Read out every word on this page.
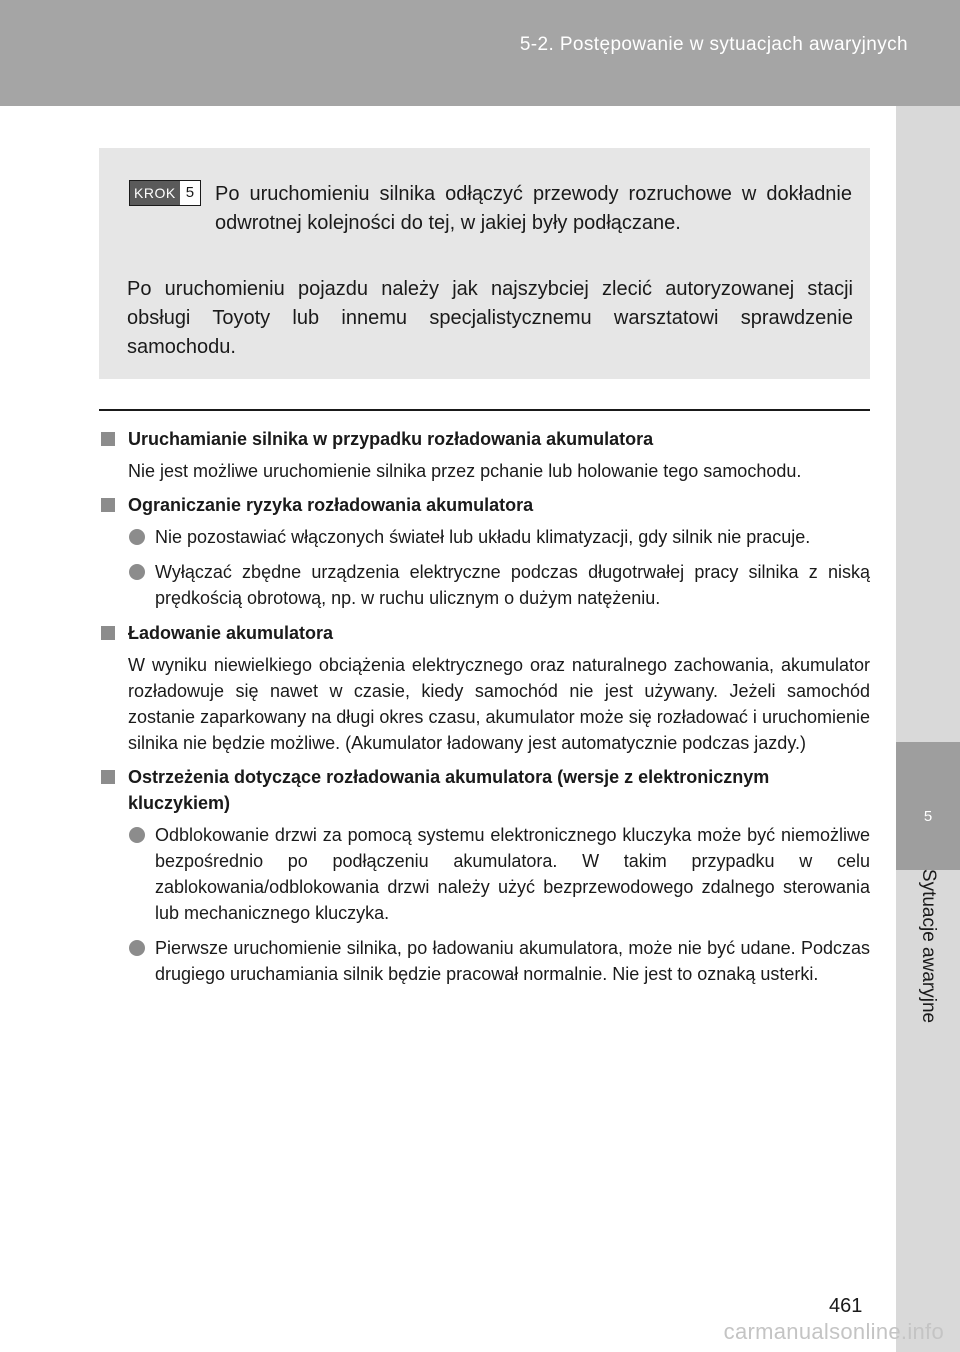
5-2. Postępowanie w sytuacjach awaryjnych
5
Sytuacje awaryjne
KROK 5	Po uruchomieniu silnika odłączyć przewody rozruchowe w dokładnie odwrotnej kolejności do tej, w jakiej były podłączane.
Po uruchomieniu pojazdu należy jak najszybciej zlecić autoryzowanej stacji obsługi Toyoty lub innemu specjalistycznemu warsztatowi sprawdzenie samochodu.
Uruchamianie silnika w przypadku rozładowania akumulatora
Nie jest możliwe uruchomienie silnika przez pchanie lub holowanie tego samochodu.
Ograniczanie ryzyka rozładowania akumulatora
Nie pozostawiać włączonych świateł lub układu klimatyzacji, gdy silnik nie pracuje.
Wyłączać zbędne urządzenia elektryczne podczas długotrwałej pracy silnika z niską prędkością obrotową, np. w ruchu ulicznym o dużym natężeniu.
Ładowanie akumulatora
W wyniku niewielkiego obciążenia elektrycznego oraz naturalnego zachowania, akumulator rozładowuje się nawet w czasie, kiedy samochód nie jest używany. Jeżeli samochód zostanie zaparkowany na długi okres czasu, akumulator może się rozładować i uruchomienie silnika nie będzie możliwe. (Akumulator ładowany jest automatycznie podczas jazdy.)
Ostrzeżenia dotyczące rozładowania akumulatora (wersje z elektronicznym kluczykiem)
Odblokowanie drzwi za pomocą systemu elektronicznego kluczyka może być niemożliwe bezpośrednio po podłączeniu akumulatora. W takim przypadku w celu zablokowania/odblokowania drzwi należy użyć bezprzewodowego zdalnego sterowania lub mechanicznego kluczyka.
Pierwsze uruchomienie silnika, po ładowaniu akumulatora, może nie być udane. Podczas drugiego uruchamiania silnik będzie pracował normalnie. Nie jest to oznaką usterki.
461
carmanualsonline.info
